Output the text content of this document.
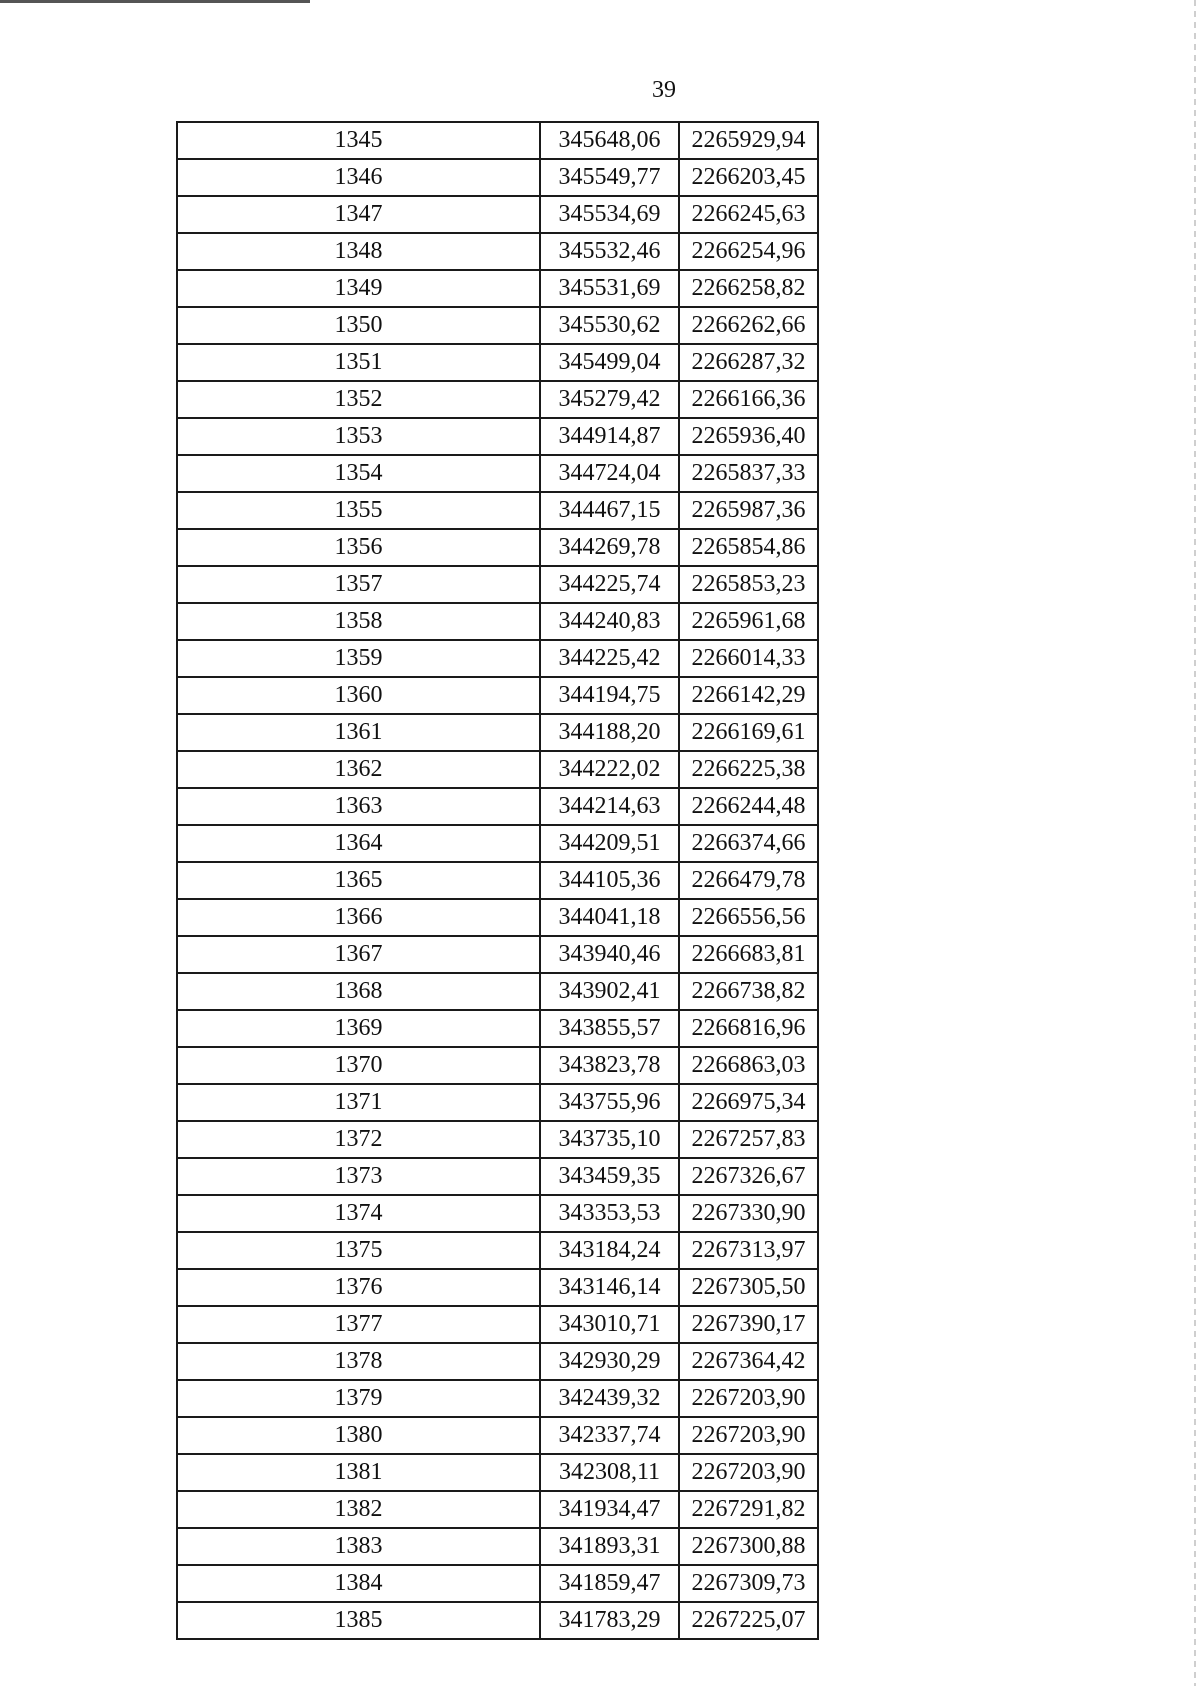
39
1345	345648,06	2265929,94
1346	345549,77	2266203,45
1347	345534,69	2266245,63
1348	345532,46	2266254,96
1349	345531,69	2266258,82
1350	345530,62	2266262,66
1351	345499,04	2266287,32
1352	345279,42	2266166,36
1353	344914,87	2265936,40
1354	344724,04	2265837,33
1355	344467,15	2265987,36
1356	344269,78	2265854,86
1357	344225,74	2265853,23
1358	344240,83	2265961,68
1359	344225,42	2266014,33
1360	344194,75	2266142,29
1361	344188,20	2266169,61
1362	344222,02	2266225,38
1363	344214,63	2266244,48
1364	344209,51	2266374,66
1365	344105,36	2266479,78
1366	344041,18	2266556,56
1367	343940,46	2266683,81
1368	343902,41	2266738,82
1369	343855,57	2266816,96
1370	343823,78	2266863,03
1371	343755,96	2266975,34
1372	343735,10	2267257,83
1373	343459,35	2267326,67
1374	343353,53	2267330,90
1375	343184,24	2267313,97
1376	343146,14	2267305,50
1377	343010,71	2267390,17
1378	342930,29	2267364,42
1379	342439,32	2267203,90
1380	342337,74	2267203,90
1381	342308,11	2267203,90
1382	341934,47	2267291,82
1383	341893,31	2267300,88
1384	341859,47	2267309,73
1385	341783,29	2267225,07
